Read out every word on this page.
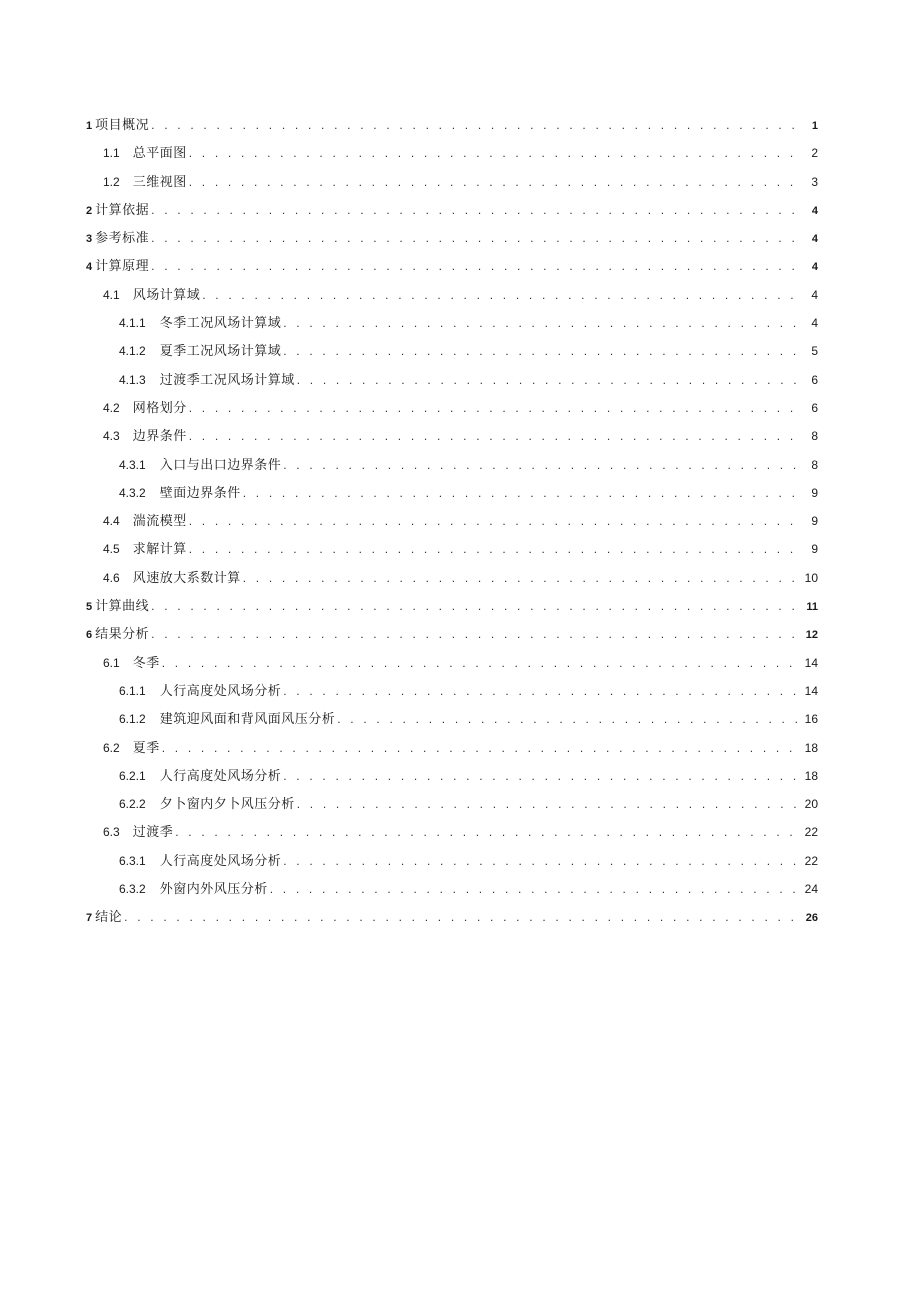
1 项目概况 . . .	1
1.1 总平面图 . . .	2
1.2 三维视图 . . .	3
2 计算依据 . . .	4
3 参考标准 . . .	4
4 计算原理 . . .	4
4.1 风场计算域 . . .	4
4.1.1 冬季工况风场计算域 . . .	4
4.1.2 夏季工况风场计算域 . . .	5
4.1.3 过渡季工况风场计算域 . . .	6
4.2 网格划分 . . .	6
4.3 边界条件 . . .	8
4.3.1 入口与出口边界条件 . . .	8
4.3.2 壁面边界条件 . . .	9
4.4 湍流模型 . . .	9
4.5 求解计算 . . .	9
4.6 风速放大系数计算 . . .	10
5 计算曲线 . . .	11
6 结果分析 . . .	12
6.1 冬季 . . .	14
6.1.1 人行高度处风场分析 . . .	14
6.1.2 建筑迎风面和背风面风压分析 . . .	16
6.2 夏季 . . .	18
6.2.1 人行高度处风场分析 . . .	18
6.2.2 夕卜窗内夕卜风压分析 . . .	20
6.3 过渡季 . . .	22
6.3.1 人行高度处风场分析 . . .	22
6.3.2 外窗内外风压分析 . . .	24
7 结论 . . .	26
